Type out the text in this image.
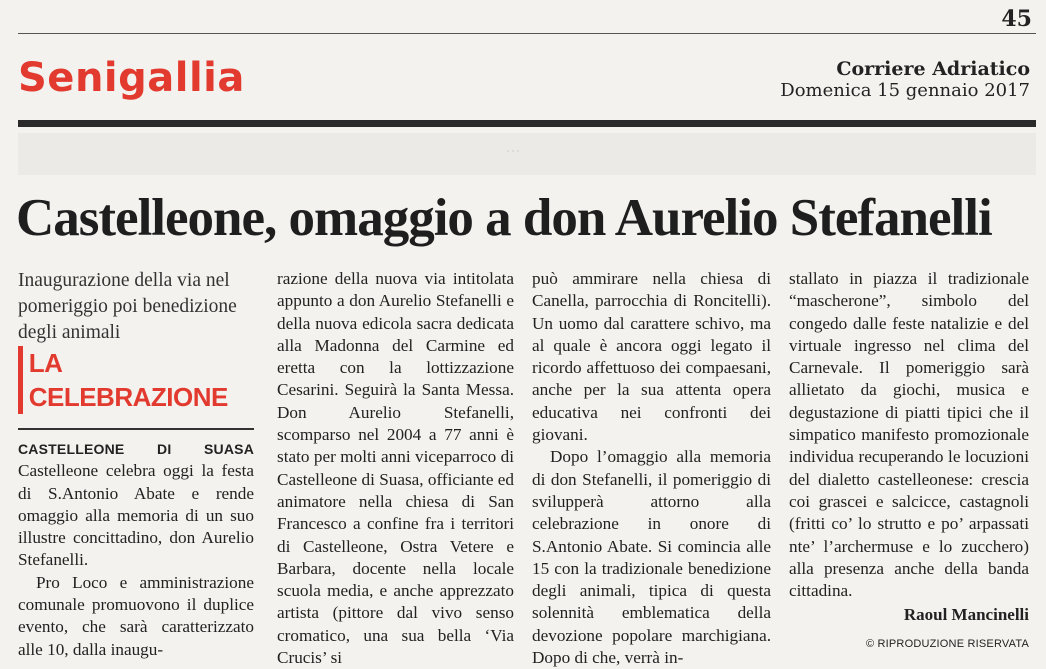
45
Senigallia	Corriere Adriatico
Domenica 15 gennaio 2017
· · ·
Castelleone, omaggio a don Aurelio Stefanelli

Inaugurazione della via nel pomeriggio poi benedizione degli animali

LA CELEBRAZIONE

CASTELLEONE DI SUASA Castelleone celebra oggi la festa di S.Antonio Abate e rende omaggio alla memoria di un suo illustre concittadino, don Aurelio Stefanelli.

Pro Loco e amministrazione comunale promuovono il duplice evento, che sarà caratterizzato alle 10, dalla inaugu-

razione della nuova via intitolata appunto a don Aurelio Stefanelli e della nuova edicola sacra dedicata alla Madonna del Carmine ed eretta con la lottizzazione Cesarini. Seguirà la Santa Messa. Don Aurelio Stefanelli, scomparso nel 2004 a 77 anni è stato per molti anni viceparroco di Castelleone di Suasa, officiante ed animatore nella chiesa di San Francesco a confine fra i territori di Castelleone, Ostra Vetere e Barbara, docente nella locale scuola media, e anche apprezzato artista (pittore dal vivo senso cromatico, una sua bella ‘Via Crucis’ si

può ammirare nella chiesa di Canella, parrocchia di Roncitelli). Un uomo dal carattere schivo, ma al quale è ancora oggi legato il ricordo affettuoso dei compaesani, anche per la sua attenta opera educativa nei confronti dei giovani.

Dopo l’omaggio alla memoria di don Stefanelli, il pomeriggio di svilupperà attorno alla celebrazione in onore di S.Antonio Abate. Si comincia alle 15 con la tradizionale benedizione degli animali, tipica di questa solennità emblematica della devozione popolare marchigiana. Dopo di che, verrà in-

stallato in piazza il tradizionale “mascherone”, simbolo del congedo dalle feste natalizie e del virtuale ingresso nel clima del Carnevale. Il pomeriggio sarà allietato da giochi, musica e degustazione di piatti tipici che il simpatico manifesto promozionale individua recuperando le locuzioni del dialetto castelleonese: crescia coi grascei e salcicce, castagnoli (fritti co’ lo strutto e po’ arpassati nte’ l’archermuse e lo zucchero) alla presenza anche della banda cittadina.

Raoul Mancinelli
© RIPRODUZIONE RISERVATA
